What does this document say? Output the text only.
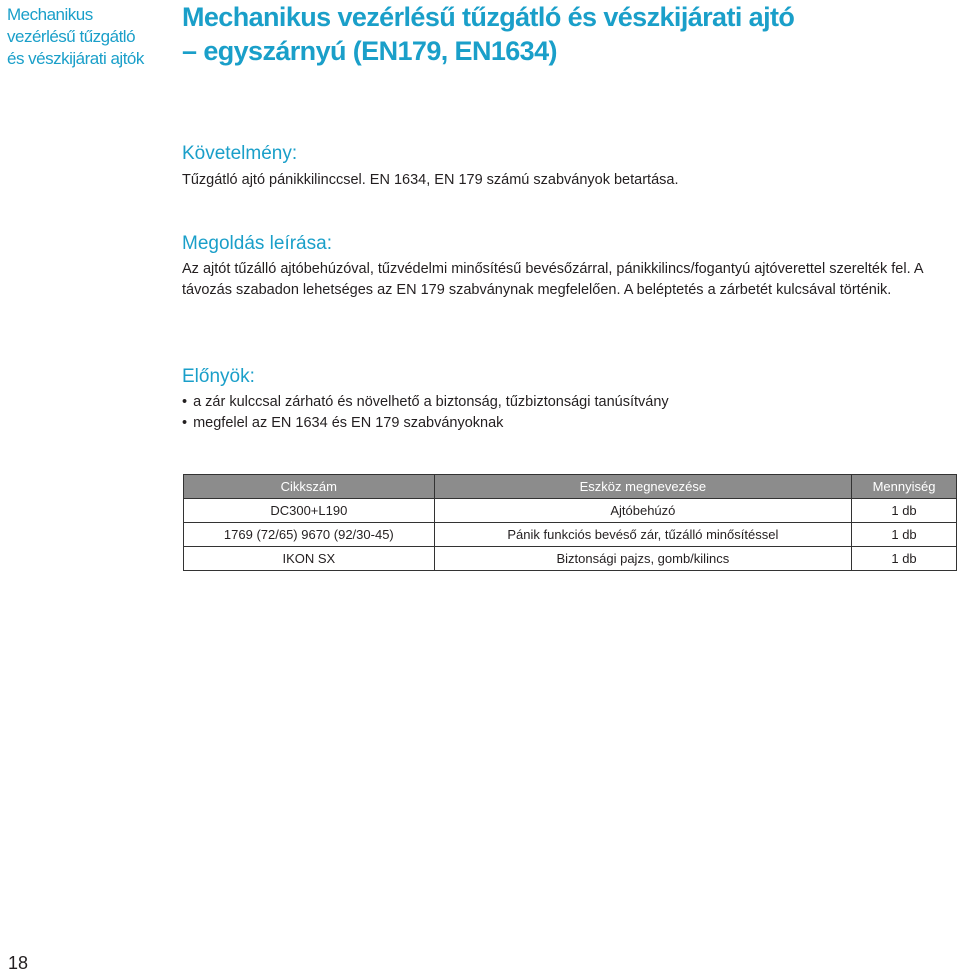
Mechanikus
vezérlésű tűzgátló
és vészkijárati ajtók
Mechanikus vezérlésű tűzgátló és vészkijárati ajtó
– egyszárnyú (EN179, EN1634)
Követelmény:
Tűzgátló ajtó pánikkilinccsel. EN 1634, EN 179 számú szabványok betartása.
Megoldás leírása:
Az ajtót tűzálló ajtóbehúzóval, tűzvédelmi minősítésű bevésőzárral, pánikkilincs/fogantyú ajtóverettel szerelték fel. A távozás szabadon lehetséges az EN 179 szabványnak megfelelően. A beléptetés a zárbetét kulcsával történik.
Előnyök:
• a zár kulccsal zárható és növelhető a biztonság, tűzbiztonsági tanúsítvány
• megfelel az EN 1634 és EN 179 szabványoknak
Cikkszám	Eszköz megnevezése	Mennyiség
DC300+L190	Ajtóbehúzó	1 db
1769 (72/65) 9670 (92/30-45)	Pánik funkciós bevéső zár, tűzálló minősítéssel	1 db
IKON SX	Biztonsági pajzs, gomb/kilincs	1 db
18
